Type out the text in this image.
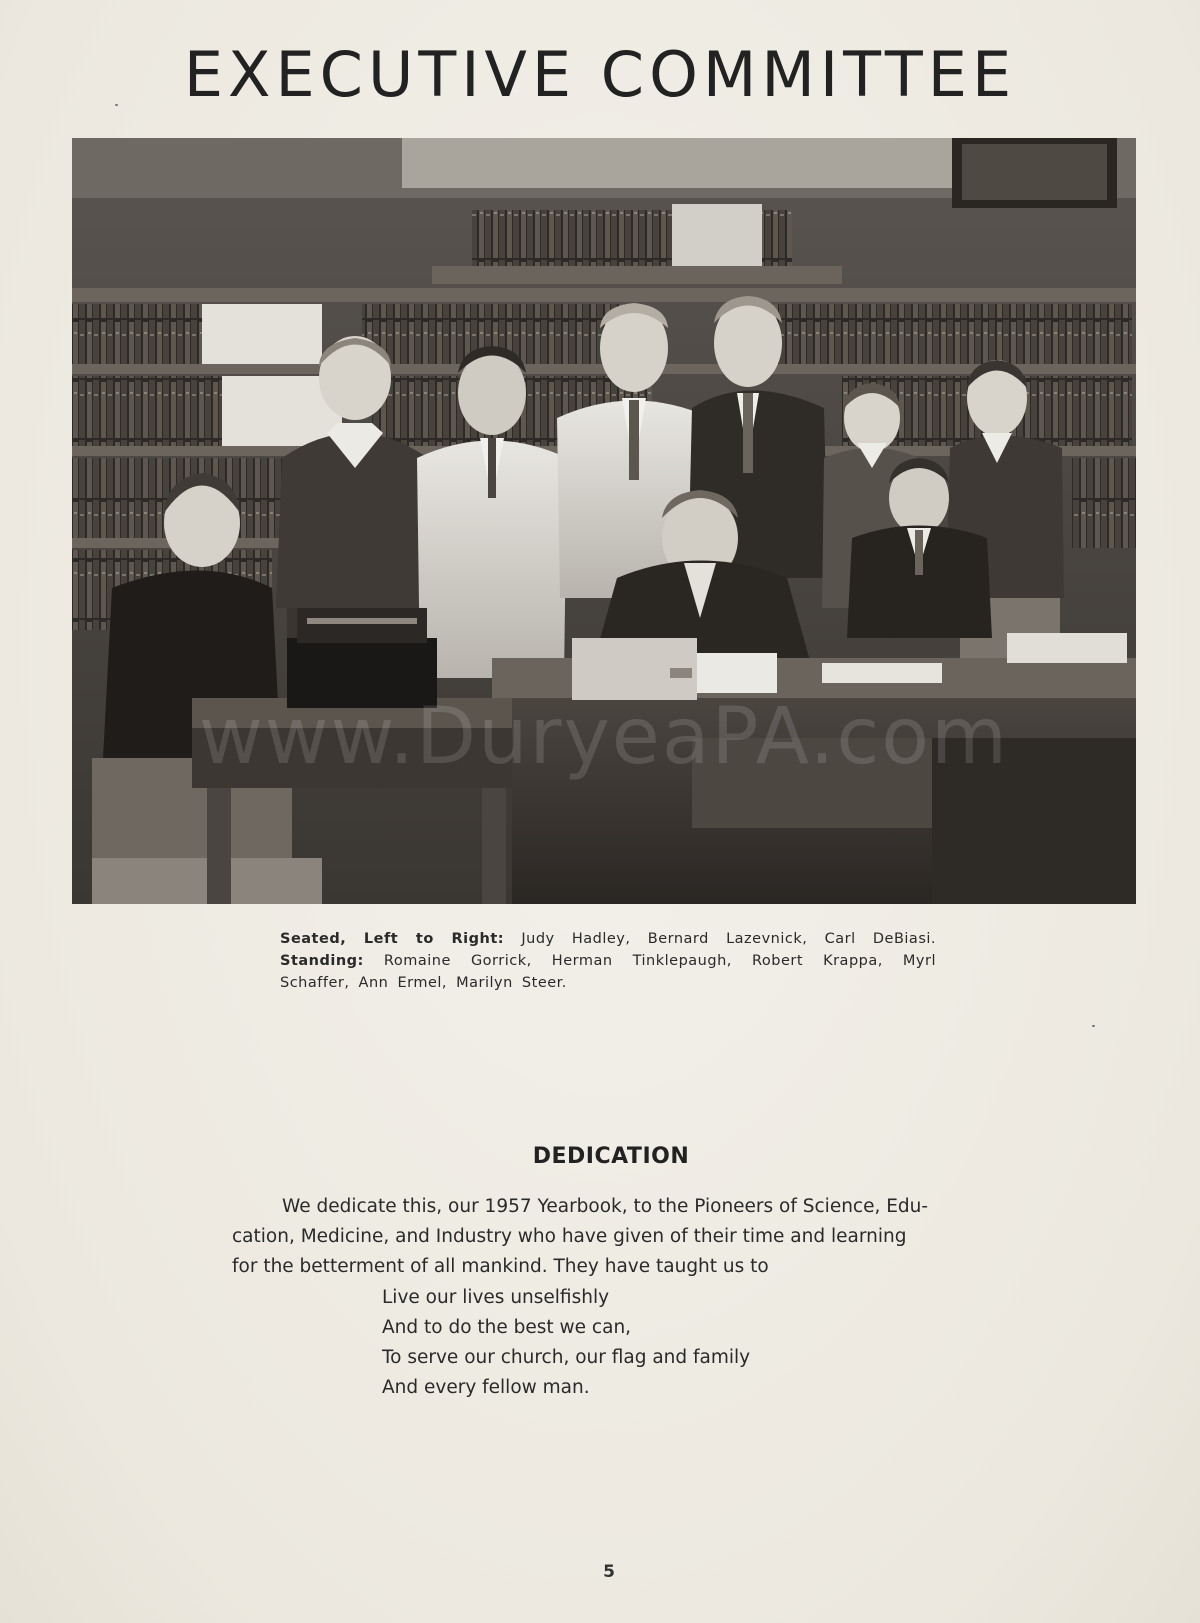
EXECUTIVE COMMITTEE
www.DuryeaPA.com
Seated, Left to Right: Judy Hadley, Bernard Lazevnick, Carl DeBiasi. Standing: Romaine Gorrick, Herman Tinklepaugh, Robert Krappa, Myrl Schaffer, Ann Ermel, Marilyn Steer.
DEDICATION
We dedicate this, our 1957 Yearbook, to the Pioneers of Science, Edu-
cation, Medicine, and Industry who have given of their time and learning
for the betterment of all mankind. They have taught us to
Live our lives unselfishly
And to do the best we can,
To serve our church, our flag and family
And every fellow man.
5
